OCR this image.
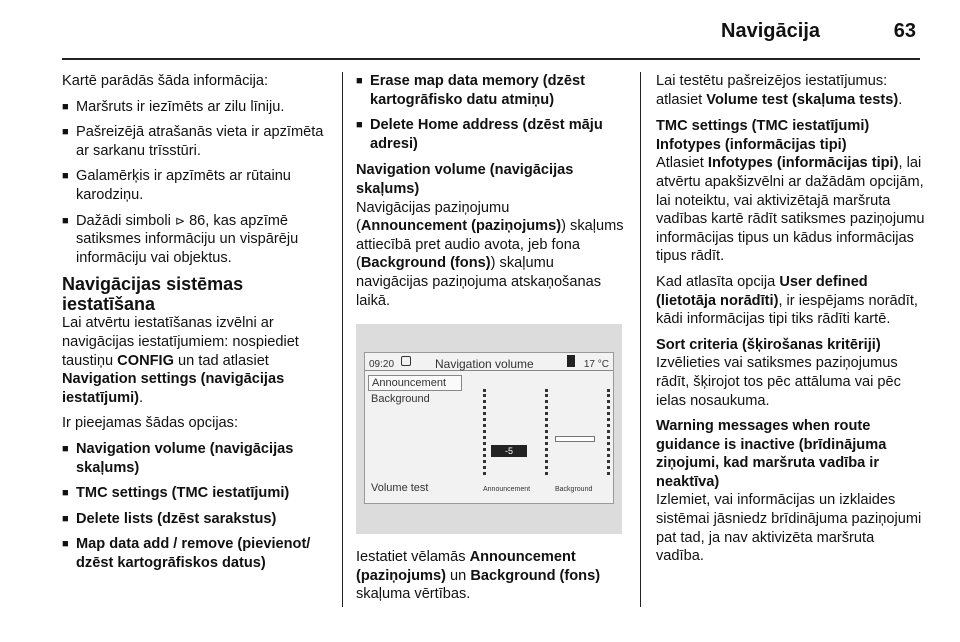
Navigācija	63

Kartē parādās šāda informācija:

■ Maršruts ir iezīmēts ar zilu līniju.
■ Pašreizējā atrašanās vieta ir apzīmēta ar sarkanu trīsstūri.
■ Galamērķis ir apzīmēts ar rūtainu karodziņu.
■ Dažādi simboli ⊳ 86, kas apzīmē satiksmes informāciju un vispārēju informāciju vai objektus.
Navigācijas sistēmas iestatīšana

Lai atvērtu iestatīšanas izvēlni ar navigācijas iestatījumiem: nospiediet taustiņu CONFIG un tad atlasiet Navigation settings (navigācijas iestatījumi).

Ir pieejamas šādas opcijas:

■ Navigation volume (navigācijas skaļums)
■ TMC settings (TMC iestatījumi)
■ Delete lists (dzēst sarakstus)
■ Map data add / remove (pievienot/ dzēst kartogrāfiskos datus)
■ Erase map data memory (dzēst kartogrāfisko datu atmiņu)
■ Delete Home address (dzēst māju adresi)
Navigation volume (navigācijas skaļums)

Navigācijas paziņojumu (Announcement (paziņojums)) skaļums attiecībā pret audio avota, jeb fona (Background (fons)) skaļumu navigācijas paziņojuma atskaņošanas laikā.

09:20	Navigation volume	17 °C
Announcement
Background
Volume test
-5
Announcement	Background

Iestatiet vēlamās Announcement (paziņojums) un Background (fons) skaļuma vērtības.

Lai testētu pašreizējos iestatījumus: atlasiet Volume test (skaļuma tests).

TMC settings (TMC iestatījumi)
Infotypes (informācijas tipi)

Atlasiet Infotypes (informācijas tipi), lai atvērtu apakšizvēlni ar dažādām opcijām, lai noteiktu, vai aktivizētajā maršruta vadības kartē rādīt satiksmes paziņojumu informācijas tipus un kādus informācijas tipus rādīt.

Kad atlasīta opcija User defined (lietotāja norādīti), ir iespējams norādīt, kādi informācijas tipi tiks rādīti kartē.

Sort criteria (šķirošanas kritēriji)

Izvēlieties vai satiksmes paziņojumus rādīt, šķirojot tos pēc attāluma vai pēc ielas nosaukuma.

Warning messages when route guidance is inactive (brīdinājuma ziņojumi, kad maršruta vadība ir neaktīva)

Izlemiet, vai informācijas un izklaides sistēmai jāsniedz brīdinājuma paziņojumi pat tad, ja nav aktivizēta maršruta vadība.
